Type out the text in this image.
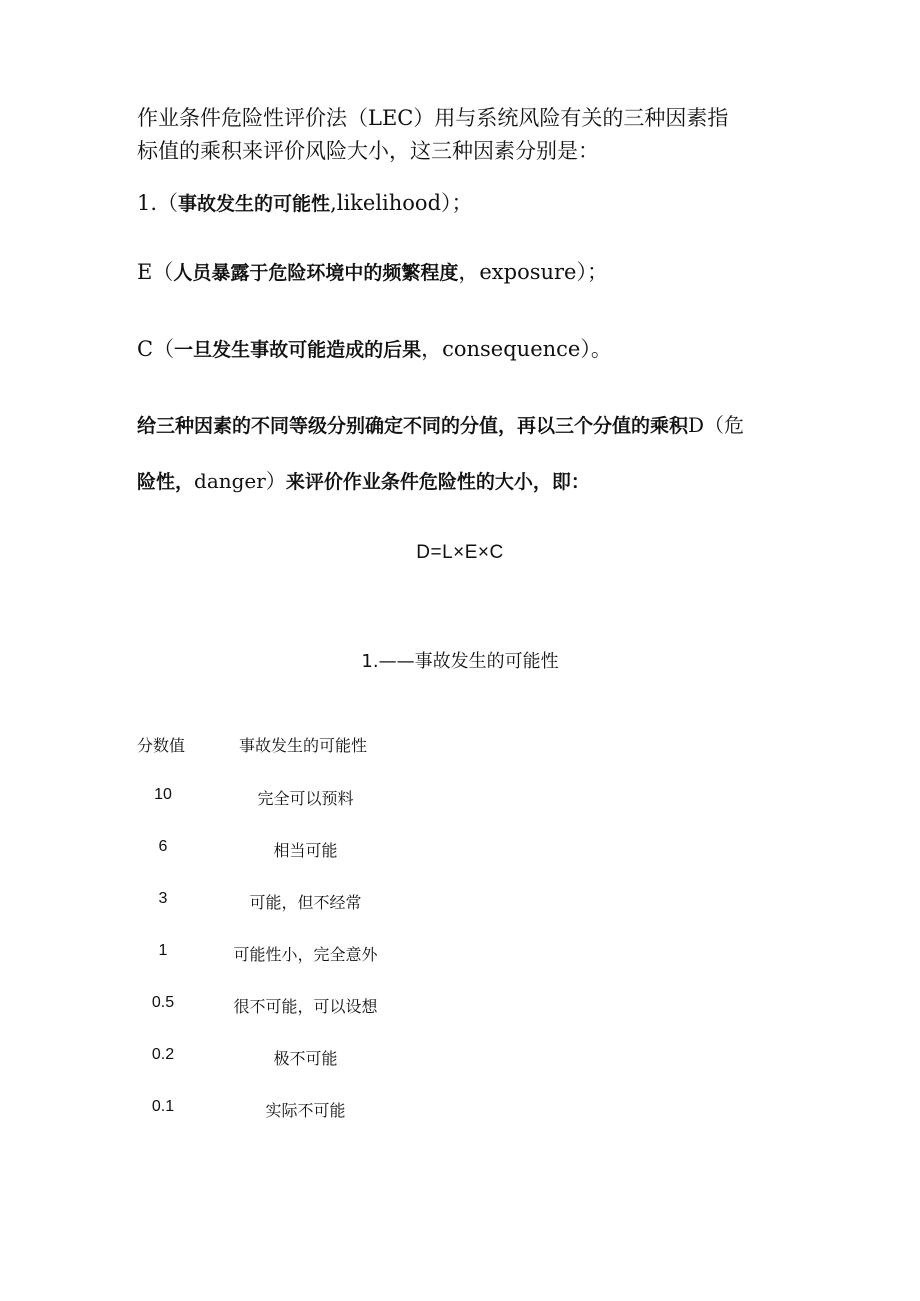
作业条件危险性评价法（LEC）用与系统风险有关的三种因素指
标值的乘积来评价风险大小，这三种因素分别是：
1.（事故发生的可能性,likelihood）；
E（人员暴露于危险环境中的频繁程度，exposure）；
C（一旦发生事故可能造成的后果，consequence）。
给三种因素的不同等级分别确定不同的分值，再以三个分值的乘积D（危
险性，danger）来评价作业条件危险性的大小，即：
D=L×E×C
1.——事故发生的可能性
分数值	事故发生的可能性
10	完全可以预料
6	相当可能
3	可能，但不经常
1	可能性小，完全意外
0.5	很不可能，可以设想
0.2	极不可能
0.1	实际不可能
